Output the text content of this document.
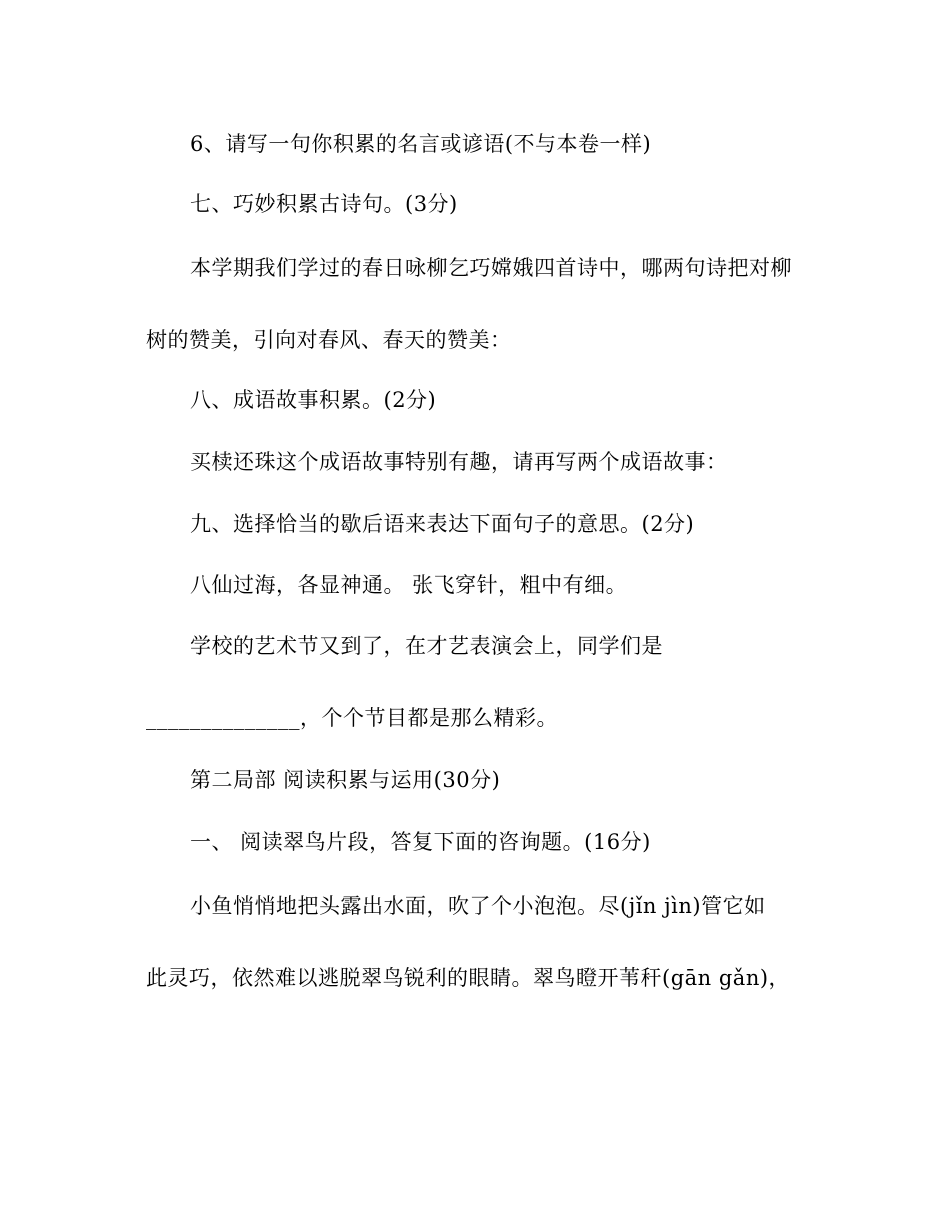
6、请写一句你积累的名言或谚语(不与本卷一样)
七、巧妙积累古诗句。(3分)
本学期我们学过的春日咏柳乞巧嫦娥四首诗中，哪两句诗把对柳
树的赞美，引向对春风、春天的赞美：
八、成语故事积累。(2分)
买椟还珠这个成语故事特别有趣，请再写两个成语故事：
九、选择恰当的歇后语来表达下面句子的意思。(2分)
八仙过海，各显神通。 张飞穿针，粗中有细。
学校的艺术节又到了，在才艺表演会上，同学们是
______________，个个节目都是那么精彩。
第二局部 阅读积累与运用(30分)
一、 阅读翠鸟片段，答复下面的咨询题。(16分)
小鱼悄悄地把头露出水面，吹了个小泡泡。尽(jǐn jìn)管它如
此灵巧，依然难以逃脱翠鸟锐利的眼睛。翠鸟瞪开苇秆(gān gǎn)，
